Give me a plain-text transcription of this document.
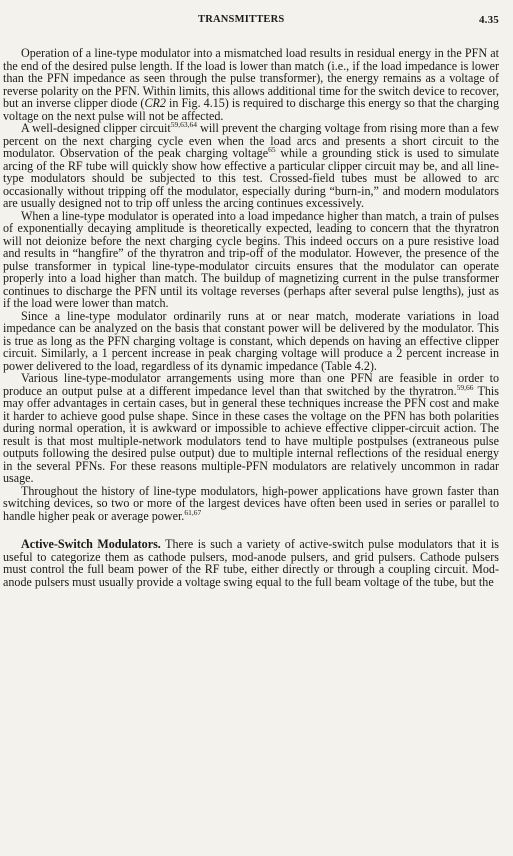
TRANSMITTERS	4.35

Operation of a line-type modulator into a mismatched load results in residual energy in the PFN at the end of the desired pulse length. If the load is lower than match (i.e., if the load impedance is lower than the PFN impedance as seen through the pulse transformer), the energy remains as a voltage of reverse polarity on the PFN. Within limits, this allows additional time for the switch device to recover, but an inverse clipper diode (CR2 in Fig. 4.15) is required to discharge this energy so that the charging voltage on the next pulse will not be affected.

A well-designed clipper circuit$^{59,63,64}$ will prevent the charging voltage from rising more than a few percent on the next charging cycle even when the load arcs and presents a short circuit to the modulator. Observation of the peak charging voltage$^{65}$ while a grounding stick is used to simulate arcing of the RF tube will quickly show how effective a particular clipper circuit may be, and all line-type modulators should be subjected to this test. Crossed-field tubes must be allowed to arc occasionally without tripping off the modulator, especially during “burn-in,” and modern modulators are usually designed not to trip off unless the arcing continues excessively.

When a line-type modulator is operated into a load impedance higher than match, a train of pulses of exponentially decaying amplitude is theoretically expected, leading to concern that the thyratron will not deionize before the next charging cycle begins. This indeed occurs on a pure resistive load and results in “hangfire” of the thyratron and trip-off of the modulator. However, the presence of the pulse transformer in typical line-type-modulator circuits ensures that the modulator can operate properly into a load higher than match. The buildup of magnetizing current in the pulse transformer continues to discharge the PFN until its voltage reverses (perhaps after several pulse lengths), just as if the load were lower than match.

Since a line-type modulator ordinarily runs at or near match, moderate variations in load impedance can be analyzed on the basis that constant power will be delivered by the modulator. This is true as long as the PFN charging voltage is constant, which depends on having an effective clipper circuit. Similarly, a 1 percent increase in peak charging voltage will produce a 2 percent increase in power delivered to the load, regardless of its dynamic impedance (Table 4.2).

Various line-type-modulator arrangements using more than one PFN are feasible in order to produce an output pulse at a different impedance level than that switched by the thyratron.$^{59,66}$ This may offer advantages in certain cases, but in general these techniques increase the PFN cost and make it harder to achieve good pulse shape. Since in these cases the voltage on the PFN has both polarities during normal operation, it is awkward or impossible to achieve effective clipper-circuit action. The result is that most multiple-network modulators tend to have multiple postpulses (extraneous pulse outputs following the desired pulse output) due to multiple internal reflections of the residual energy in the several PFNs. For these reasons multiple-PFN modulators are relatively uncommon in radar usage.

Throughout the history of line-type modulators, high-power applications have grown faster than switching devices, so two or more of the largest devices have often been used in series or parallel to handle higher peak or average power.$^{61,67}$

Active-Switch Modulators. There is such a variety of active-switch pulse modulators that it is useful to categorize them as cathode pulsers, mod-anode pulsers, and grid pulsers. Cathode pulsers must control the full beam power of the RF tube, either directly or through a coupling circuit. Mod-anode pulsers must usually provide a voltage swing equal to the full beam voltage of the tube, but the
